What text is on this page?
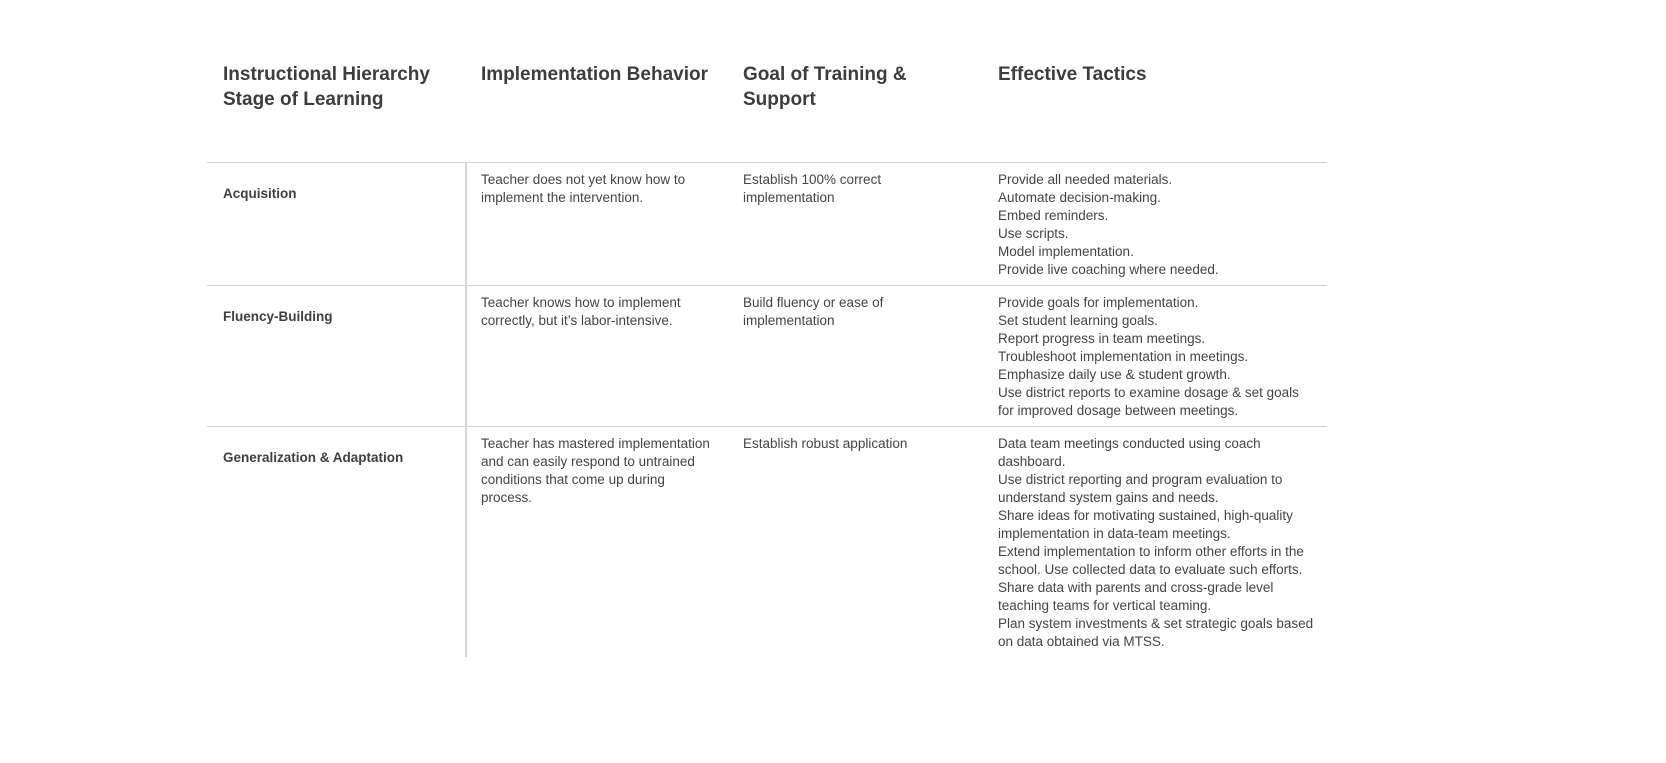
Instructional Hierarchy Stage of Learning
Implementation Behavior Goal of Training & Support
Effective Tactics
Acquisition
Teacher does not yet know how to implement the intervention.
Establish 100% correct implementation
Provide all needed materials.
Automate decision-making.
Embed reminders.
Use scripts.
Model implementation.
Provide live coaching where needed.
Fluency-Building
Teacher knows how to implement correctly, but it’s labor-intensive.
Build fluency or ease of implementation
Provide goals for implementation.
Set student learning goals.
Report progress in team meetings.
Troubleshoot implementation in meetings.
Emphasize daily use & student growth.
Use district reports to examine dosage & set goals for improved dosage between meetings.
Generalization & Adaptation
Teacher has mastered implementation and can easily respond to untrained conditions that come up during process.
Establish robust application	Data team meetings conducted using coach dashboard.
Use district reporting and program evaluation to understand system gains and needs.
Share ideas for motivating sustained, high-quality implementation in data-team meetings.
Extend implementation to inform other efforts in the school. Use collected data to evaluate such efforts. Share data with parents and cross-grade level teaching teams for vertical teaming.
Plan system investments & set strategic goals based on data obtained via MTSS.
